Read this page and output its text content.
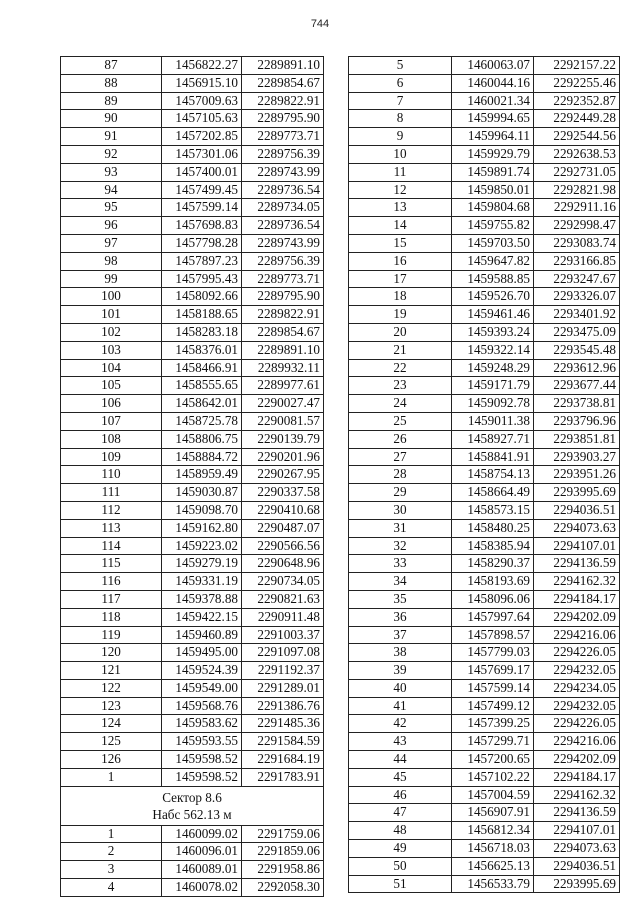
744
87	1456822.27	2289891.10
88	1456915.10	2289854.67
89	1457009.63	2289822.91
90	1457105.63	2289795.90
91	1457202.85	2289773.71
92	1457301.06	2289756.39
93	1457400.01	2289743.99
94	1457499.45	2289736.54
95	1457599.14	2289734.05
96	1457698.83	2289736.54
97	1457798.28	2289743.99
98	1457897.23	2289756.39
99	1457995.43	2289773.71
100	1458092.66	2289795.90
101	1458188.65	2289822.91
102	1458283.18	2289854.67
103	1458376.01	2289891.10
104	1458466.91	2289932.11
105	1458555.65	2289977.61
106	1458642.01	2290027.47
107	1458725.78	2290081.57
108	1458806.75	2290139.79
109	1458884.72	2290201.96
110	1458959.49	2290267.95
111	1459030.87	2290337.58
112	1459098.70	2290410.68
113	1459162.80	2290487.07
114	1459223.02	2290566.56
115	1459279.19	2290648.96
116	1459331.19	2290734.05
117	1459378.88	2290821.63
118	1459422.15	2290911.48
119	1459460.89	2291003.37
120	1459495.00	2291097.08
121	1459524.39	2291192.37
122	1459549.00	2291289.01
123	1459568.76	2291386.76
124	1459583.62	2291485.36
125	1459593.55	2291584.59
126	1459598.52	2291684.19
1	1459598.52	2291783.91

Сектор 8.6
Набс 562.13 м		

1	1460099.02	2291759.06
2	1460096.01	2291859.06
3	1460089.01	2291958.86
4	1460078.02	2292058.30
5	1460063.07	2292157.22
6	1460044.16	2292255.46
7	1460021.34	2292352.87
8	1459994.65	2292449.28
9	1459964.11	2292544.56
10	1459929.79	2292638.53
11	1459891.74	2292731.05
12	1459850.01	2292821.98
13	1459804.68	2292911.16
14	1459755.82	2292998.47
15	1459703.50	2293083.74
16	1459647.82	2293166.85
17	1459588.85	2293247.67
18	1459526.70	2293326.07
19	1459461.46	2293401.92
20	1459393.24	2293475.09
21	1459322.14	2293545.48
22	1459248.29	2293612.96
23	1459171.79	2293677.44
24	1459092.78	2293738.81
25	1459011.38	2293796.96
26	1458927.71	2293851.81
27	1458841.91	2293903.27
28	1458754.13	2293951.26
29	1458664.49	2293995.69
30	1458573.15	2294036.51
31	1458480.25	2294073.63
32	1458385.94	2294107.01
33	1458290.37	2294136.59
34	1458193.69	2294162.32
35	1458096.06	2294184.17
36	1457997.64	2294202.09
37	1457898.57	2294216.06
38	1457799.03	2294226.05
39	1457699.17	2294232.05
40	1457599.14	2294234.05
41	1457499.12	2294232.05
42	1457399.25	2294226.05
43	1457299.71	2294216.06
44	1457200.65	2294202.09
45	1457102.22	2294184.17
46	1457004.59	2294162.32
47	1456907.91	2294136.59
48	1456812.34	2294107.01
49	1456718.03	2294073.63
50	1456625.13	2294036.51
51	1456533.79	2293995.69
